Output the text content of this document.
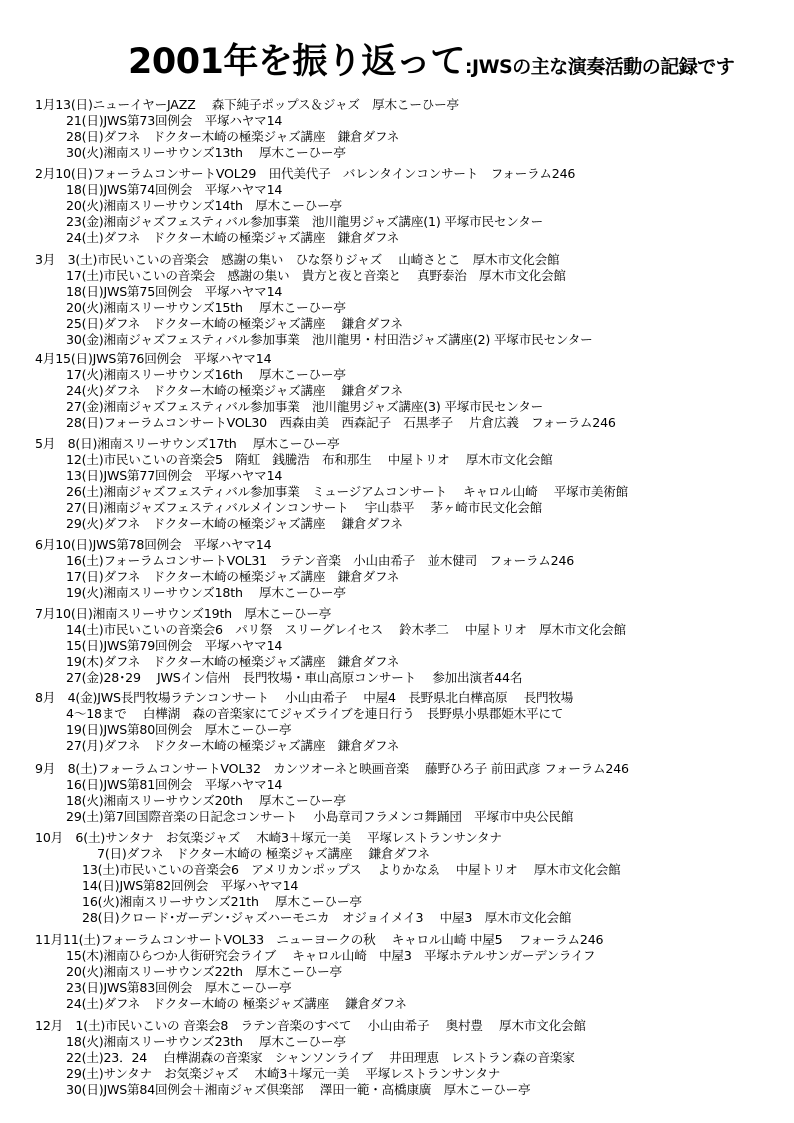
2001年を振り返って:JWSの主な演奏活動の記録です
1月13(日)ニューイヤーJAZZ　 森下純子ポップス＆ジャズ　厚木こーひー亭
21(日)JWS第73回例会　平塚ハヤマ14
28(日)ダフネ　ドクター木崎の極楽ジャズ講座　鎌倉ダフネ
30(火)湘南スリーサウンズ13th　 厚木こーひー亭
2月10(日)フォーラムコンサートVOL29　田代美代子　バレンタインコンサート　フォーラム246
18(日)JWS第74回例会　平塚ハヤマ14
20(火)湘南スリーサウンズ14th　厚木こーひー亭
23(金)湘南ジャズフェスティバル参加事業　池川龍男ジャズ講座(1) 平塚市民センター
24(土)ダフネ　ドクター木崎の極楽ジャズ講座　鎌倉ダフネ
3月　3(土)市民いこいの音楽会　感謝の集い　ひな祭りジャズ　 山崎さとこ　厚木市文化会館
17(土)市民いこいの音楽会　感謝の集い　貴方と夜と音楽と　 真野泰治　厚木市文化会館
18(日)JWS第75回例会　平塚ハヤマ14
20(火)湘南スリーサウンズ15th　 厚木こーひー亭
25(日)ダフネ　ドクター木崎の極楽ジャズ講座　 鎌倉ダフネ
30(金)湘南ジャズフェスティバル参加事業　池川龍男・村田浩ジャズ講座(2) 平塚市民センター
4月15(日)JWS第76回例会　平塚ハヤマ14
17(火)湘南スリーサウンズ16th　 厚木こーひー亭
24(火)ダフネ　ドクター木崎の極楽ジャズ講座　 鎌倉ダフネ
27(金)湘南ジャズフェスティバル参加事業　池川龍男ジャズ講座(3) 平塚市民センター
28(日)フォーラムコンサートVOL30　西森由美　西森記子　石黒孝子　 片倉広義　フォーラム246
5月　8(日)湘南スリーサウンズ17th　 厚木こーひー亭
12(土)市民いこいの音楽会5　隋虹　銭騰浩　布和那生　 中屋トリオ　 厚木市文化会館
13(日)JWS第77回例会　平塚ハヤマ14
26(土)湘南ジャズフェスティバル参加事業　ミュージアムコンサート　 キャロル山崎　 平塚市美術館
27(日)湘南ジャズフェスティバルメインコンサート　 宇山恭平　 茅ヶ崎市民文化会館
29(火)ダフネ　ドクター木崎の極楽ジャズ講座　 鎌倉ダフネ
6月10(日)JWS第78回例会　平塚ハヤマ14
16(土)フォーラムコンサートVOL31　ラテン音楽　小山由希子　並木健司　フォーラム246
17(日)ダフネ　ドクター木崎の極楽ジャズ講座　鎌倉ダフネ
19(火)湘南スリーサウンズ18th　 厚木こーひー亭
7月10(日)湘南スリーサウンズ19th　厚木こーひー亭
14(土)市民いこいの音楽会6　パリ祭　スリーグレイセス　 鈴木孝二　 中屋トリオ　厚木市文化会館
15(日)JWS第79回例会　平塚ハヤマ14
19(木)ダフネ　ドクター木崎の極楽ジャズ講座　鎌倉ダフネ
27(金)28･29　 JWSイン信州　長門牧場・車山高原コンサート　 参加出演者44名
8月　4(金)JWS長門牧場ラテンコンサート　 小山由希子　 中屋4　長野県北白樺高原　 長門牧場
4～18まで　 白樺湖　森の音楽家にてジャズライブを連日行う　長野県小県郡姫木平にて
19(日)JWS第80回例会　厚木こーひー亭
27(月)ダフネ　ドクター木崎の極楽ジャズ講座　鎌倉ダフネ
9月　8(土)フォーラムコンサートVOL32　カンツオーネと映画音楽　 藤野ひろ子 前田武彦 フォーラム246
16(日)JWS第81回例会　平塚ハヤマ14
18(火)湘南スリーサウンズ20th　 厚木こーひー亭
29(土)第7回国際音楽の日記念コンサート　 小島章司フラメンコ舞踊団　平塚市中央公民館
10月　6(土)サンタナ　お気楽ジャズ　 木崎3＋塚元一美　 平塚レストランサンタナ
7(日)ダフネ　ドクター木崎の 極楽ジャズ講座　 鎌倉ダフネ
13(土)市民いこいの音楽会6　アメリカンポップス　 よりかなゑ　 中屋トリオ　 厚木市文化会館
14(日)JWS第82回例会　平塚ハヤマ14
16(火)湘南スリーサウンズ21th　 厚木こーひー亭
28(日)クロード･ガーデン･ジャズハーモニカ　オジョイメイ3　 中屋3　厚木市文化会館
11月11(土)フォーラムコンサートVOL33　ニューヨークの秋　 キャロル山崎 中屋5　 フォーラム246
15(木)湘南ひらつか人街研究会ライブ　 キャロル山崎　中屋3　平塚ホテルサンガーデンライフ
20(火)湘南スリーサウンズ22th　厚木こーひー亭
23(日)JWS第83回例会　厚木こーひー亭
24(土)ダフネ　ドクター木崎の 極楽ジャズ講座　 鎌倉ダフネ
12月　1(土)市民いこいの 音楽会8　ラテン音楽のすべて　 小山由希子　 奥村豊　 厚木市文化会館
18(火)湘南スリーサウンズ23th　 厚木こーひー亭
22(土)23．24　 白樺湖森の音楽家　シャンソンライブ　 井田理恵　レストラン森の音楽家
29(土)サンタナ　お気楽ジャズ　 木崎3＋塚元一美　 平塚レストランサンタナ
30(日)JWS第84回例会＋湘南ジャズ倶楽部　 澤田一範・高橋康廣　厚木こーひー亭
